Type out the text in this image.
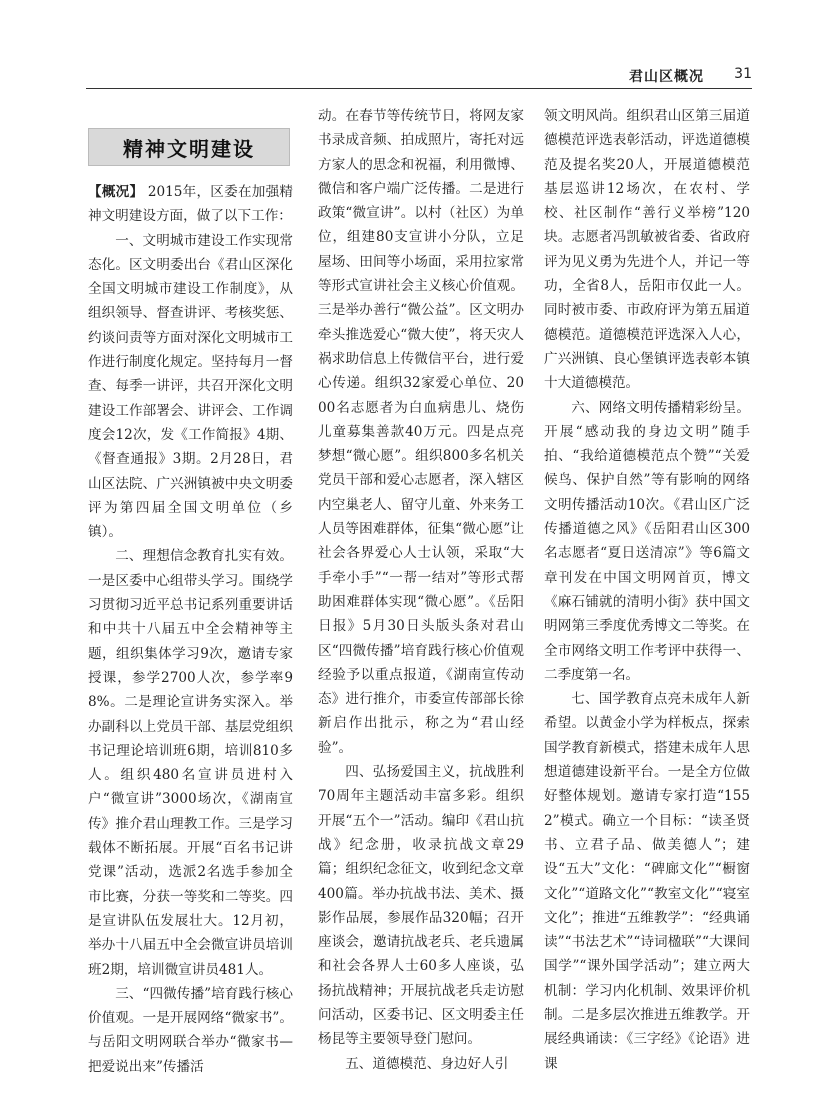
君山区概况 31
精神文明建设

【概况】 2015年，区委在加强精神文明建设方面，做了以下工作：

一、文明城市建设工作实现常态化。区文明委出台《君山区深化全国文明城市建设工作制度》，从组织领导、督查讲评、考核奖惩、约谈问责等方面对深化文明城市工作进行制度化规定。坚持每月一督查、每季一讲评，共召开深化文明建设工作部署会、讲评会、工作调度会12次，发《工作简报》4期、《督查通报》3期。2月28日，君山区法院、广兴洲镇被中央文明委评为第四届全国文明单位（乡镇）。

二、理想信念教育扎实有效。一是区委中心组带头学习。围绕学习贯彻习近平总书记系列重要讲话和中共十八届五中全会精神等主题，组织集体学习9次，邀请专家授课，参学2700人次，参学率98%。二是理论宣讲务实深入。举办副科以上党员干部、基层党组织书记理论培训班6期，培训810多人。组织480名宣讲员进村入户“微宣讲”3000场次，《湖南宣传》推介君山理教工作。三是学习载体不断拓展。开展“百名书记讲党课”活动，选派2名选手参加全市比赛，分获一等奖和二等奖。四是宣讲队伍发展壮大。12月初，举办十八届五中全会微宣讲员培训班2期，培训微宣讲员481人。

三、“四微传播”培育践行核心价值观。一是开展网络“微家书”。与岳阳文明网联合举办“微家书—把爱说出来”传播活

动。在春节等传统节日，将网友家书录成音频、拍成照片，寄托对远方家人的思念和祝福，利用微博、微信和客户端广泛传播。二是进行政策“微宣讲”。以村（社区）为单位，组建80支宣讲小分队，立足屋场、田间等小场面，采用拉家常等形式宣讲社会主义核心价值观。三是举办善行“微公益”。区文明办牵头推选爱心“微大使”，将天灾人祸求助信息上传微信平台，进行爱心传递。组织32家爱心单位、2000名志愿者为白血病患儿、烧伤儿童募集善款40万元。四是点亮梦想“微心愿”。组织800多名机关党员干部和爱心志愿者，深入辖区内空巢老人、留守儿童、外来务工人员等困难群体，征集“微心愿”让社会各界爱心人士认领，采取“大手牵小手”“一帮一结对”等形式帮助困难群体实现“微心愿”。《岳阳日报》5月30日头版头条对君山区“四微传播”培育践行核心价值观经验予以重点报道，《湖南宣传动态》进行推介，市委宣传部部长徐新启作出批示，称之为“君山经验”。

四、弘扬爱国主义，抗战胜利70周年主题活动丰富多彩。组织开展“五个一”活动。编印《君山抗战》纪念册，收录抗战文章29篇；组织纪念征文，收到纪念文章400篇。举办抗战书法、美术、摄影作品展，参展作品320幅；召开座谈会，邀请抗战老兵、老兵遗属和社会各界人士60多人座谈，弘扬抗战精神；开展抗战老兵走访慰问活动，区委书记、区文明委主任杨昆等主要领导登门慰问。

五、道德模范、身边好人引

领文明风尚。组织君山区第三届道德模范评选表彰活动，评选道德模范及提名奖20人，开展道德模范基层巡讲12场次，在农村、学校、社区制作“善行义举榜”120块。志愿者冯凯敏被省委、省政府评为见义勇为先进个人，并记一等功，全省8人，岳阳市仅此一人。同时被市委、市政府评为第五届道德模范。道德模范评选深入人心，广兴洲镇、良心堡镇评选表彰本镇十大道德模范。

六、网络文明传播精彩纷呈。开展“感动我的身边文明”随手拍、“我给道德模范点个赞”“关爱候鸟、保护自然”等有影响的网络文明传播活动10次。《君山区广泛传播道德之风》《岳阳君山区300名志愿者“夏日送清凉”》等6篇文章刊发在中国文明网首页，博文《麻石铺就的清明小街》获中国文明网第三季度优秀博文二等奖。在全市网络文明工作考评中获得一、二季度第一名。

七、国学教育点亮未成年人新希望。以黄金小学为样板点，探索国学教育新模式，搭建未成年人思想道德建设新平台。一是全方位做好整体规划。邀请专家打造“1552”模式。确立一个目标：“读圣贤书、立君子品、做美德人”；建设“五大”文化：“碑廊文化”“橱窗文化”“道路文化”“教室文化”“寝室文化”；推进“五维教学”：“经典诵读”“书法艺术”“诗词楹联”“大课间国学”“课外国学活动”；建立两大机制：学习内化机制、效果评价机制。二是多层次推进五维教学。开展经典诵读：《三字经》《论语》进课
